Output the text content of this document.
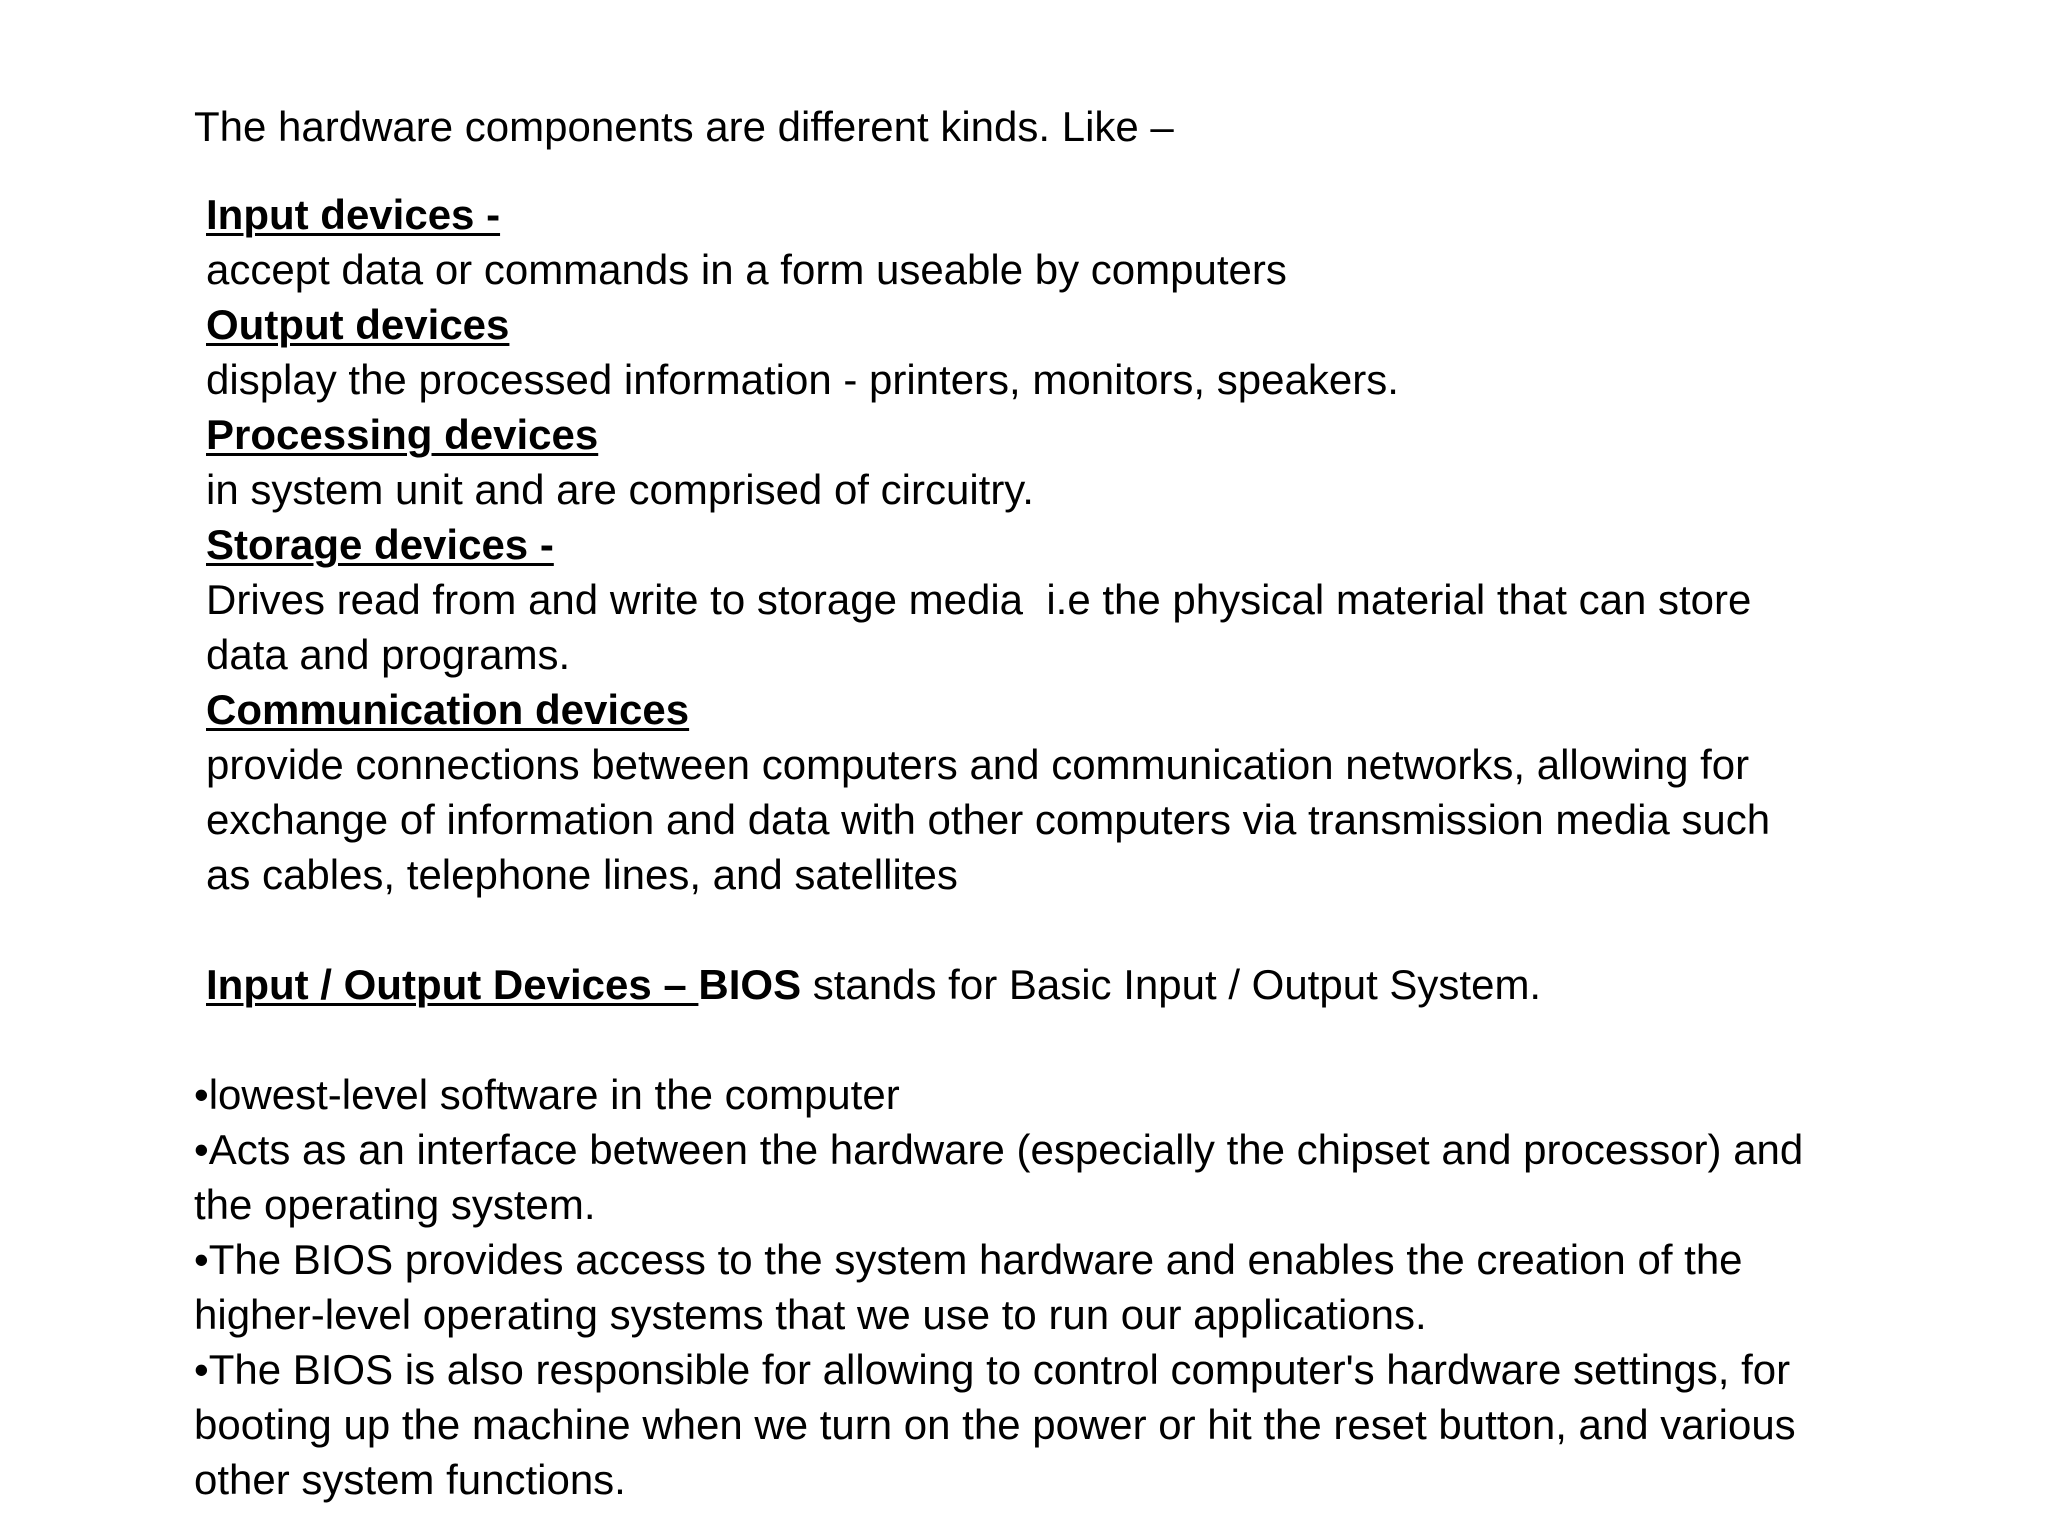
The hardware components are different kinds. Like –

Input devices -

accept data or commands in a form useable by computers

Output devices

display the processed information - printers, monitors, speakers.

Processing devices

in system unit and are comprised of circuitry.

Storage devices -

Drives read from and write to storage media  i.e the physical material that can store

data and programs.

Communication devices

provide connections between computers and communication networks, allowing for

exchange of information and data with other computers via transmission media such

as cables, telephone lines, and satellites

Input / Output Devices – BIOS stands for Basic Input / Output System.

•lowest-level software in the computer

•Acts as an interface between the hardware (especially the chipset and processor) and

the operating system.

•The BIOS provides access to the system hardware and enables the creation of the

higher-level operating systems that we use to run our applications.

•The BIOS is also responsible for allowing to control computer's hardware settings, for

booting up the machine when we turn on the power or hit the reset button, and various

other system functions.
